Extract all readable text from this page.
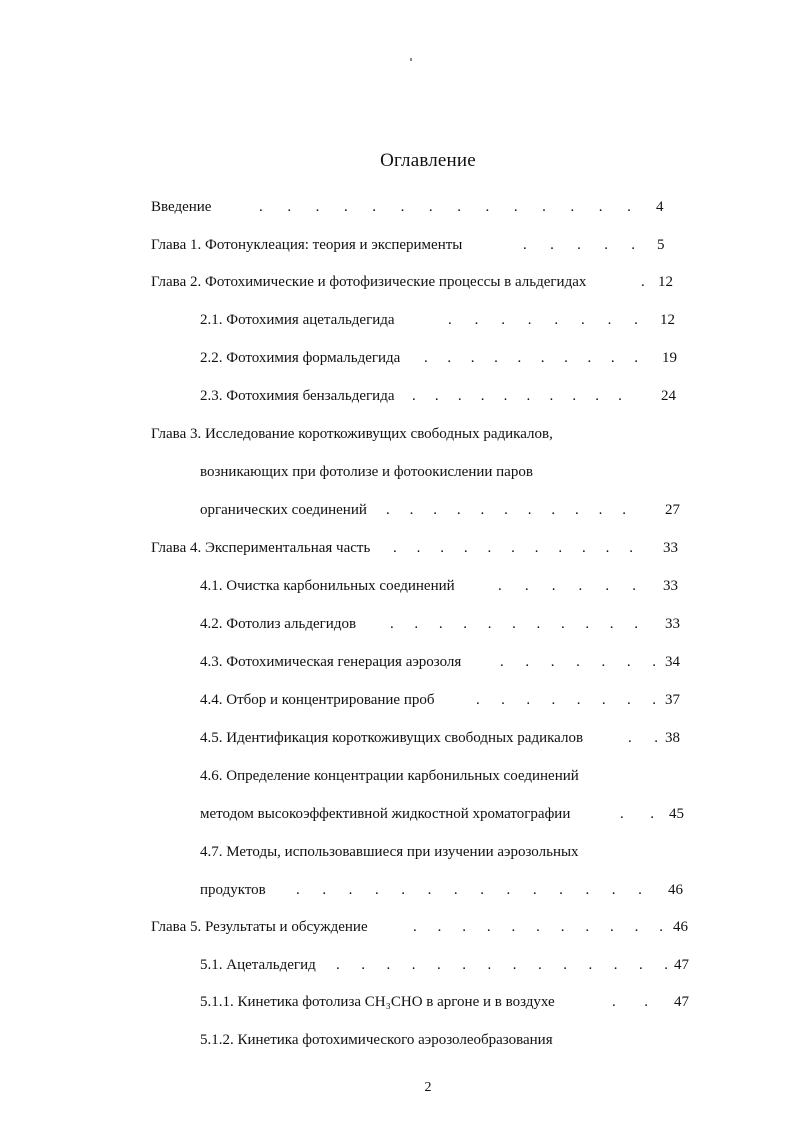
Оглавление
Введение	. . . . . . . . . . . . . . 4
Глава 1. Фотонуклеация: теория и эксперименты	. . . . . 5
Глава 2. Фотохимические и фотофизические процессы в альдегидах	. 12
2.1. Фотохимия ацетальдегида	. . . . . . . . 12
2.2. Фотохимия формальдегида . . . . . . . . . . 19
2.3. Фотохимия бензальдегида . . . . . . . . . .	24
Глава 3. Исследование короткоживущих свободных радикалов,
возникающих при фотолизе и фотоокислении паров
органических соединений . . . . . . . . . . .	27
Глава 4. Экспериментальная часть . . . . . . . . . . . 33
4.1. Очистка карбонильных соединений	. . . . . . 33
4.2. Фотолиз альдегидов . . . . . . . . . . . 33
4.3. Фотохимическая генерация аэрозоля	. . . . . . . 34
4.4. Отбор и концентрирование проб	. . . . . . . . 37
4.5. Идентификация короткоживущих свободных радикалов	. . 38
4.6. Определение концентрации карбонильных соединений
методом высокоэффективной жидкостной хроматографии	. . 45
4.7. Методы, использовавшиеся при изучении аэрозольных
продуктов . . . . . . . . . . . . . . 46
Глава 5. Результаты и обсуждение	. . . . . . . . . . . 46
5.1. Ацетальдегид . . . . . . . . . . . . . . 47
5.1.1. Кинетика фотолиза CH₃CHO в аргоне и в воздухе	. . 47
5.1.2. Кинетика фотохимического аэрозолеобразования
2
